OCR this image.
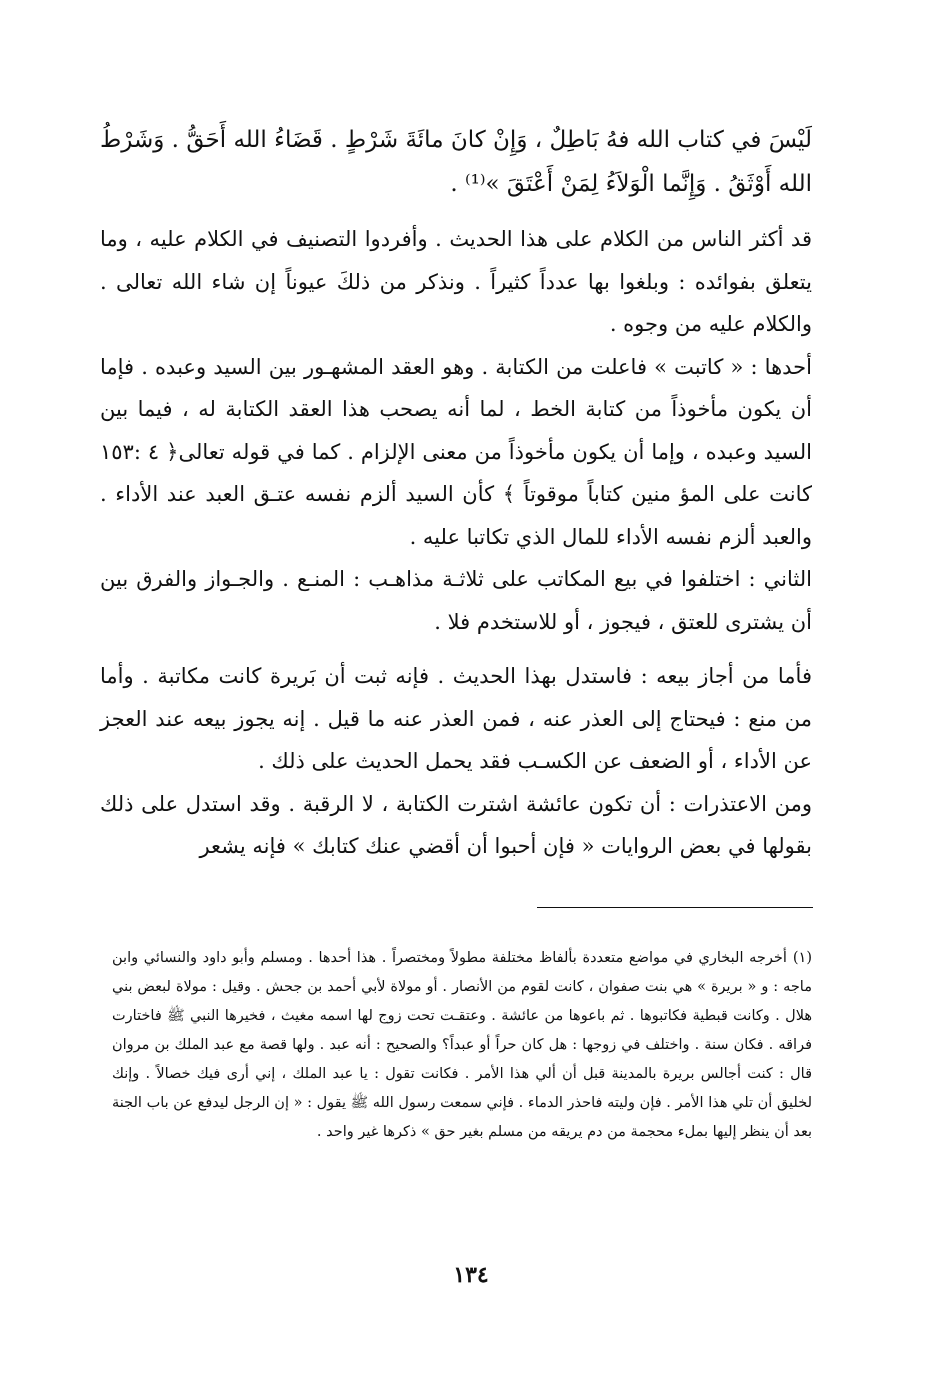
لَيْسَ في كتاب الله فهُ بَاطِلٌ ، وَإِنْ كانَ مائَةَ شَرْطٍ . قَضَاءُ الله أَحَقُّ . وَشَرْطُ الله أَوْثَقُ . وَإِنَّما الْوَلاَءُ لِمَنْ أَعْتَقَ »⁽¹⁾ .

قد أكثر الناس من الكلام على هذا الحديث . وأفردوا التصنيف في الكلام عليه ، وما يتعلق بفوائده : وبلغوا بها عدداً كثيراً . ونذكر من ذلكَ عيوناً إن شاء الله تعالى . والكلام عليه من وجوه .

أحدها : « كاتبت » فاعلت من الكتابة . وهو العقد المشهـور بين السيد وعبده . فإما أن يكون مأخوذاً من كتابة الخط ، لما أنه يصحب هذا العقد الكتابة له ، فيما بين السيد وعبده ، وإما أن يكون مأخوذاً من معنى الإلزام . كما في قوله تعالى﴿ ٤ :١٥٣ كانت على المؤ منين كتاباً موقوتاً ﴾ كأن السيد ألزم نفسه عتـق العبد عند الأداء . والعبد ألزم نفسه الأداء للمال الذي تكاتبا عليه .

الثاني : اختلفوا في بيع المكاتب على ثلاثـة مذاهـب : المنـع . والجـواز والفرق بين أن يشترى للعتق ، فيجوز ، أو للاستخدم فلا .

فأما من أجاز بيعه : فاستدل بهذا الحديث . فإنه ثبت أن بَريرة كانت مكاتبة . وأما من منع : فيحتاج إلى العذر عنه ، فمن العذر عنه ما قيل . إنه يجوز بيعه عند العجز عن الأداء ، أو الضعف عن الكسـب فقد يحمل الحديث على ذلك .

ومن الاعتذرات : أن تكون عائشة اشترت الكتابة ، لا الرقبة . وقد استدل على ذلك بقولها في بعض الروايات « فإن أحبوا أن أقضي عنك كتابك » فإنه يشعر

(١)أخرجه البخاري في مواضع متعددة بألفاظ مختلفة مطولاً ومختصراً . هذا أحدها . ومسلم وأبو داود والنسائي وابن ماجه : و « بريرة » هي بنت صفوان ، كانت لقوم من الأنصار . أو مولاة لأبي أحمد بن جحش . وقيل : مولاة لبعض بني هلال . وكانت قبطية فكاتبوها . ثم باعوها من عائشة . وعتقـت تحت زوج لها اسمه مغيث ، فخيرها النبي ﷺ فاختارت فراقه . فكان سنة . واختلف في زوجها : هل كان حراً أو عبداً؟ والصحيح : أنه عبد . ولها قصة مع عبد الملك بن مروان قال : كنت أجالس بريرة بالمدينة قبل أن ألي هذا الأمر . فكانت تقول : يا عبد الملك ، إني أرى فيك خصالاً . وإنك لخليق أن تلي هذا الأمر . فإن وليته فاحذر الدماء . فإني سمعت رسول الله ﷺ يقول : « إن الرجل ليدفع عن باب الجنة بعد أن ينظر إليها بملء محجمة من دم يريقه من مسلم بغير حق » ذكرها غير واحد .

١٣٤
